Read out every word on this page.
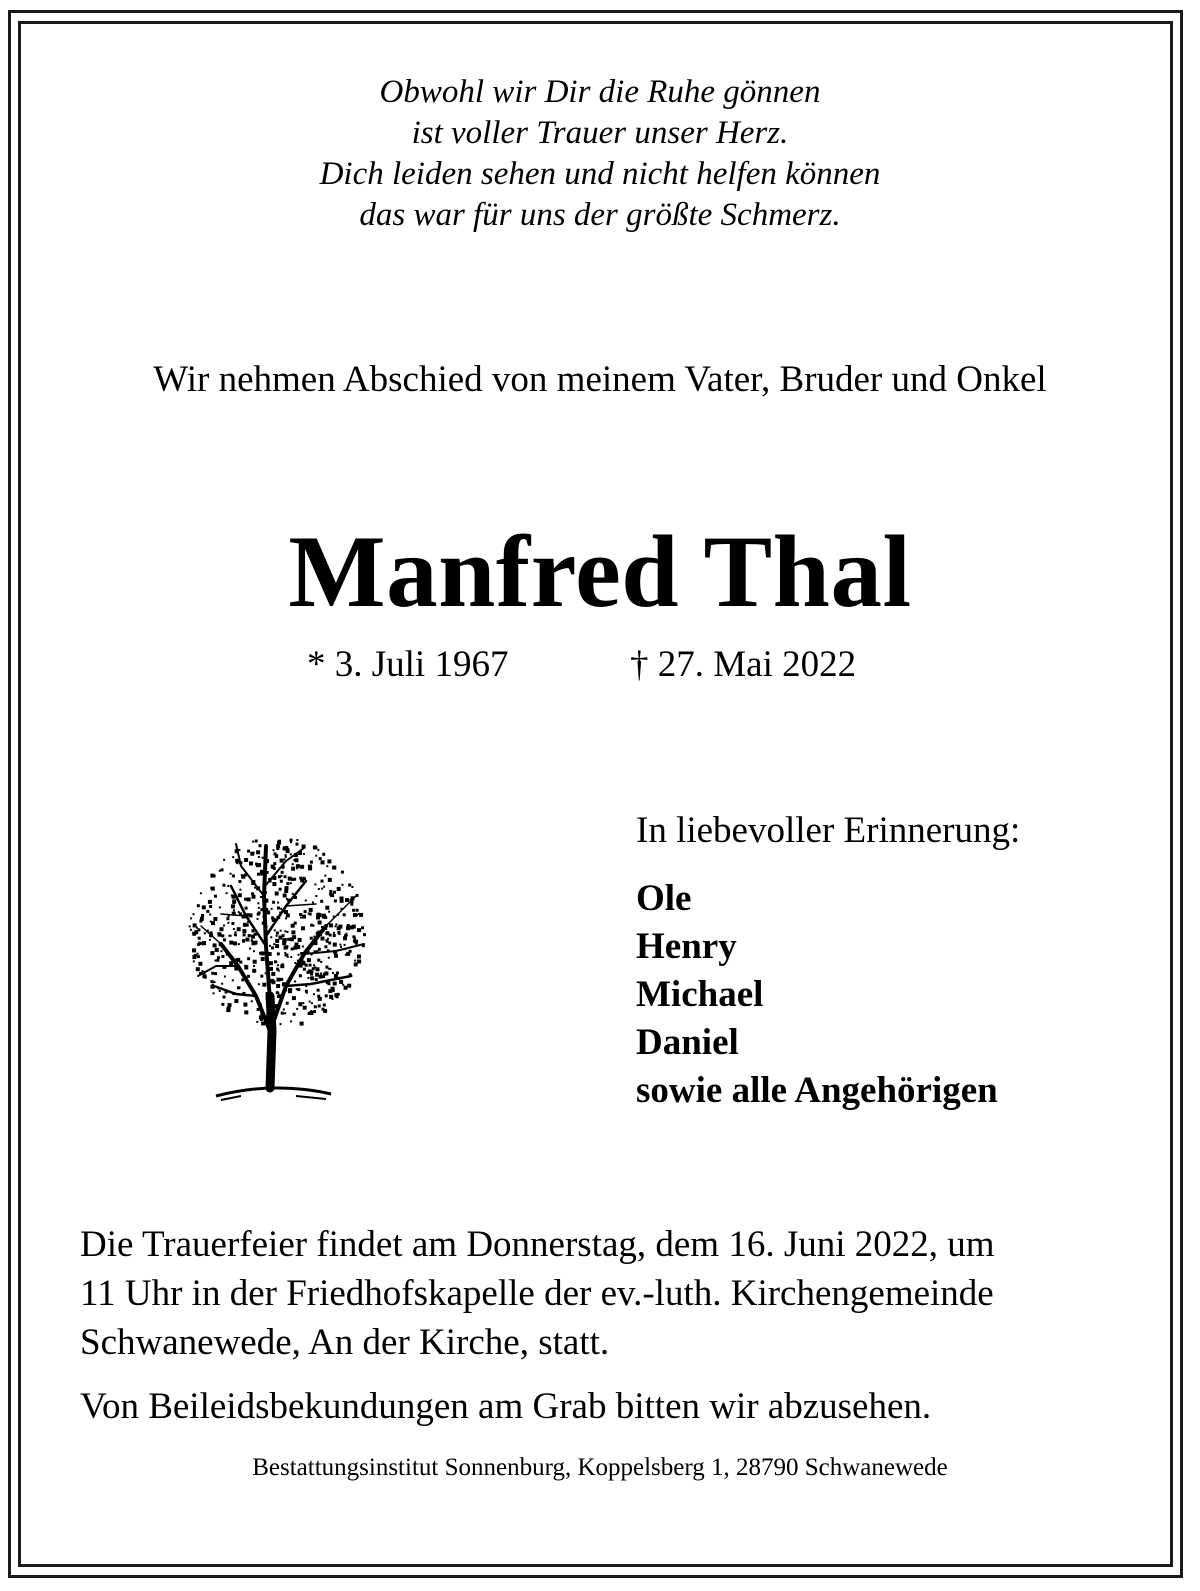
Obwohl wir Dir die Ruhe gönnen
ist voller Trauer unser Herz.
Dich leiden sehen und nicht helfen können
das war für uns der größte Schmerz.
Wir nehmen Abschied von meinem Vater, Bruder und Onkel
Manfred Thal
* 3. Juli 1967	† 27. Mai 2022
In liebevoller Erinnerung:
Ole
Henry
Michael
Daniel
sowie alle Angehörigen
Die Trauerfeier findet am Donnerstag, dem 16. Juni 2022, um
11 Uhr in der Friedhofskapelle der ev.-luth. Kirchengemeinde
Schwanewede, An der Kirche, statt.
Von Beileidsbekundungen am Grab bitten wir abzusehen.
Bestattungsinstitut Sonnenburg, Koppelsberg 1, 28790 Schwanewede
